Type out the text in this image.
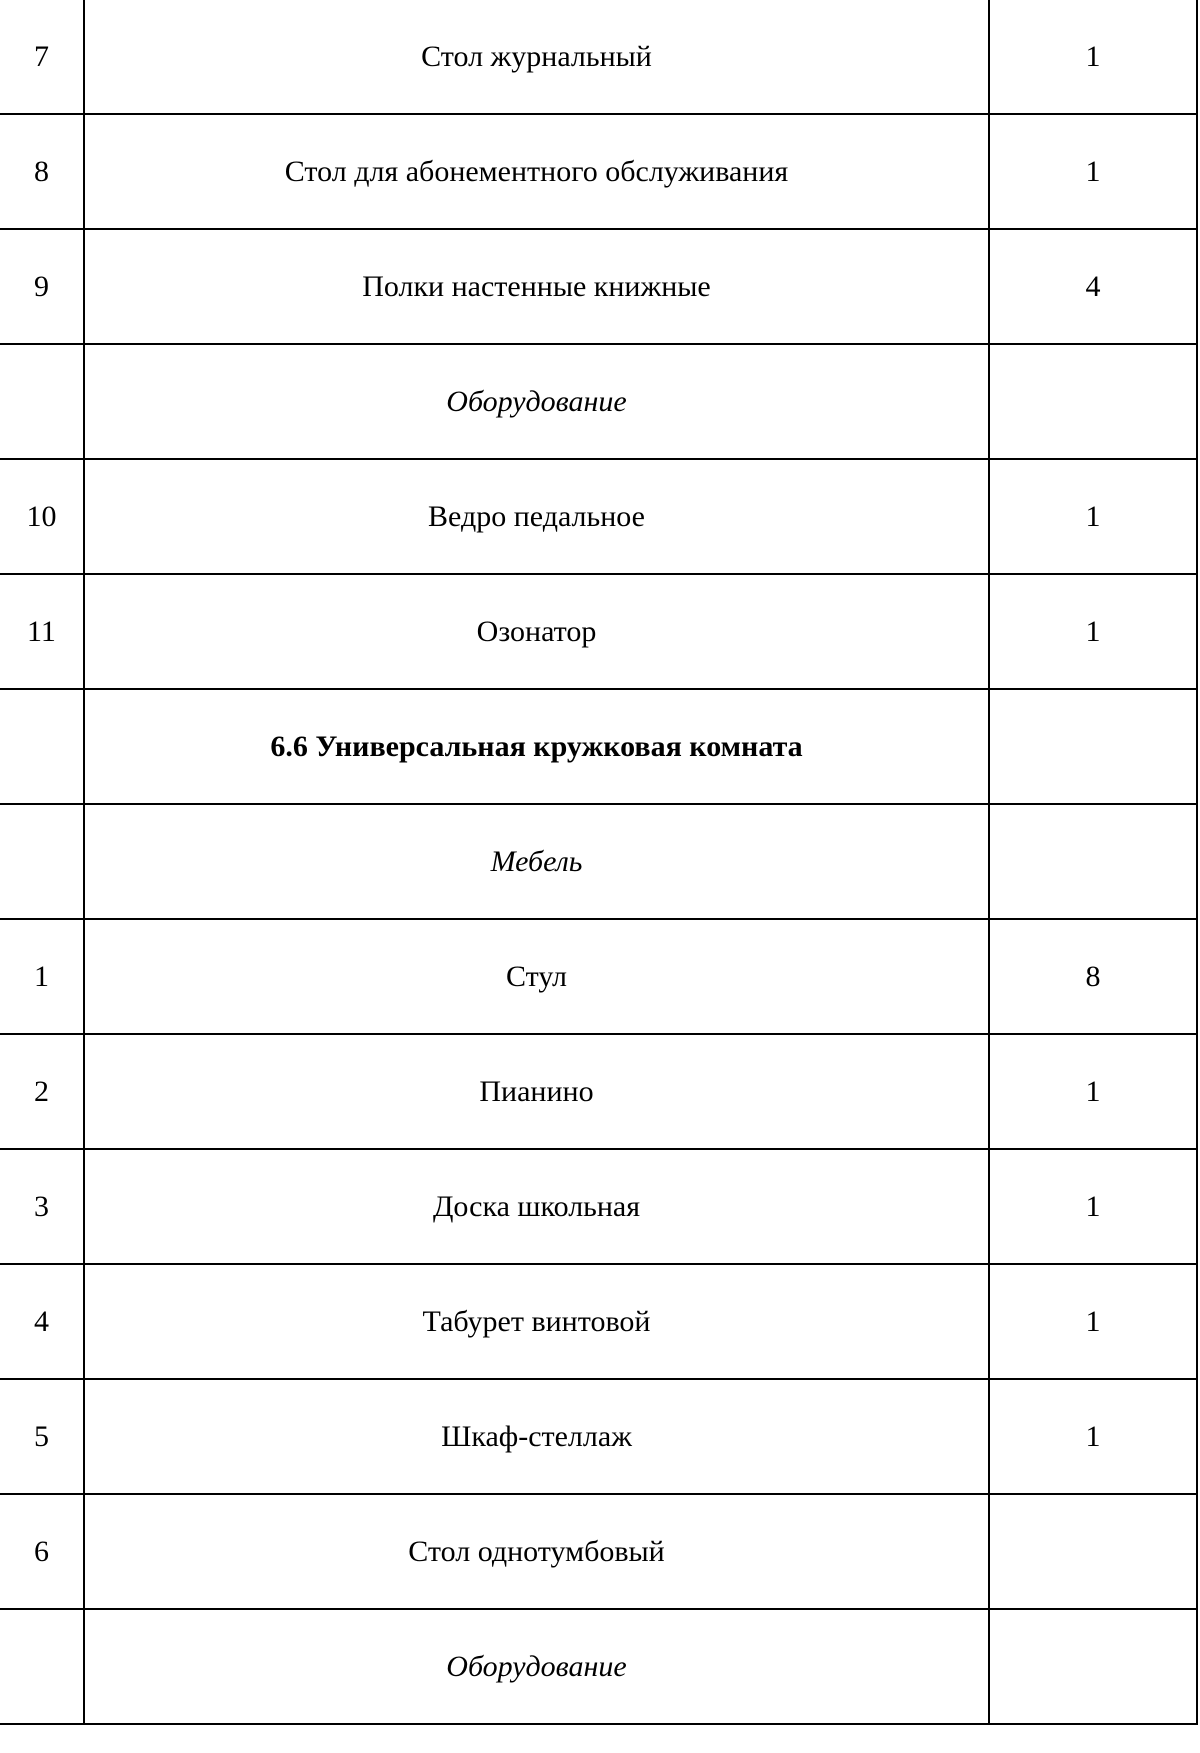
7	Стол журнальный	1
8	Стол для абонементного обслуживания	1
9	Полки настенные книжные	4
	Оборудование	
10	Ведро педальное	1
11	Озонатор	1
	6.6 Универсальная кружковая комната	
	Мебель	
1	Стул	8
2	Пианино	1
3	Доска школьная	1
4	Табурет винтовой	1
5	Шкаф-стеллаж	1
6	Стол однотумбовый	
	Оборудование	
